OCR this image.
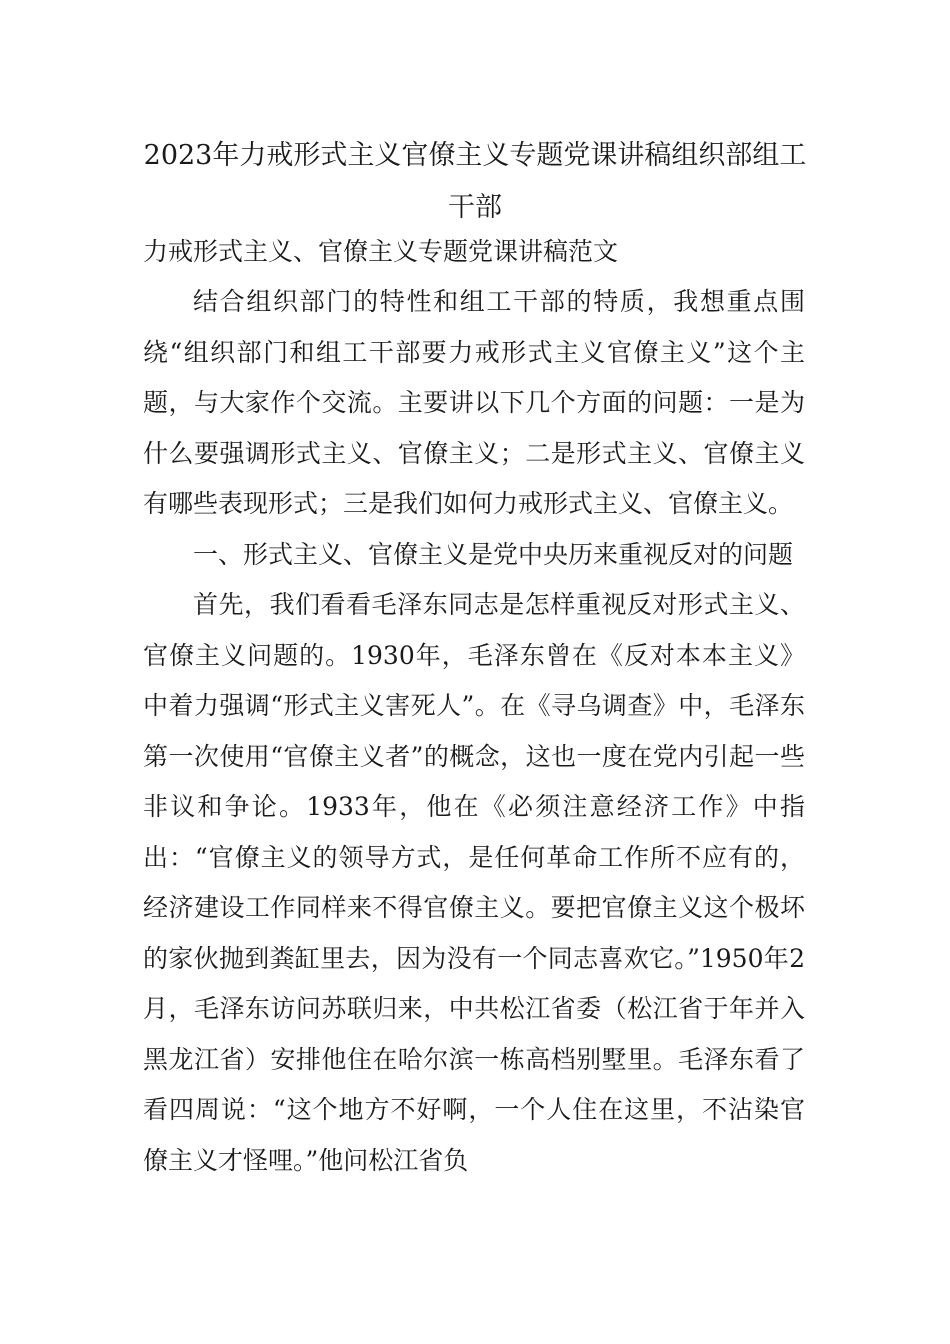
2023年力戒形式主义官僚主义专题党课讲稿组织部组工干部
力戒形式主义、官僚主义专题党课讲稿范文

结合组织部门的特性和组工干部的特质，我想重点围绕“组织部门和组工干部要力戒形式主义官僚主义”这个主题，与大家作个交流。主要讲以下几个方面的问题：一是为什么要强调形式主义、官僚主义；二是形式主义、官僚主义有哪些表现形式；三是我们如何力戒形式主义、官僚主义。

一、形式主义、官僚主义是党中央历来重视反对的问题

首先，我们看看毛泽东同志是怎样重视反对形式主义、官僚主义问题的。1930年，毛泽东曾在《反对本本主义》中着力强调“形式主义害死人”。在《寻乌调查》中，毛泽东第一次使用“官僚主义者”的概念，这也一度在党内引起一些非议和争论。1933年，他在《必须注意经济工作》中指出：“官僚主义的领导方式，是任何革命工作所不应有的，经济建设工作同样来不得官僚主义。要把官僚主义这个极坏的家伙抛到粪缸里去，因为没有一个同志喜欢它。”1950年2月，毛泽东访问苏联归来，中共松江省委（松江省于年并入黑龙江省）安排他住在哈尔滨一栋高档别墅里。毛泽东看了看四周说：“这个地方不好啊，一个人住在这里，不沾染官僚主义才怪哩。”他问松江省负
